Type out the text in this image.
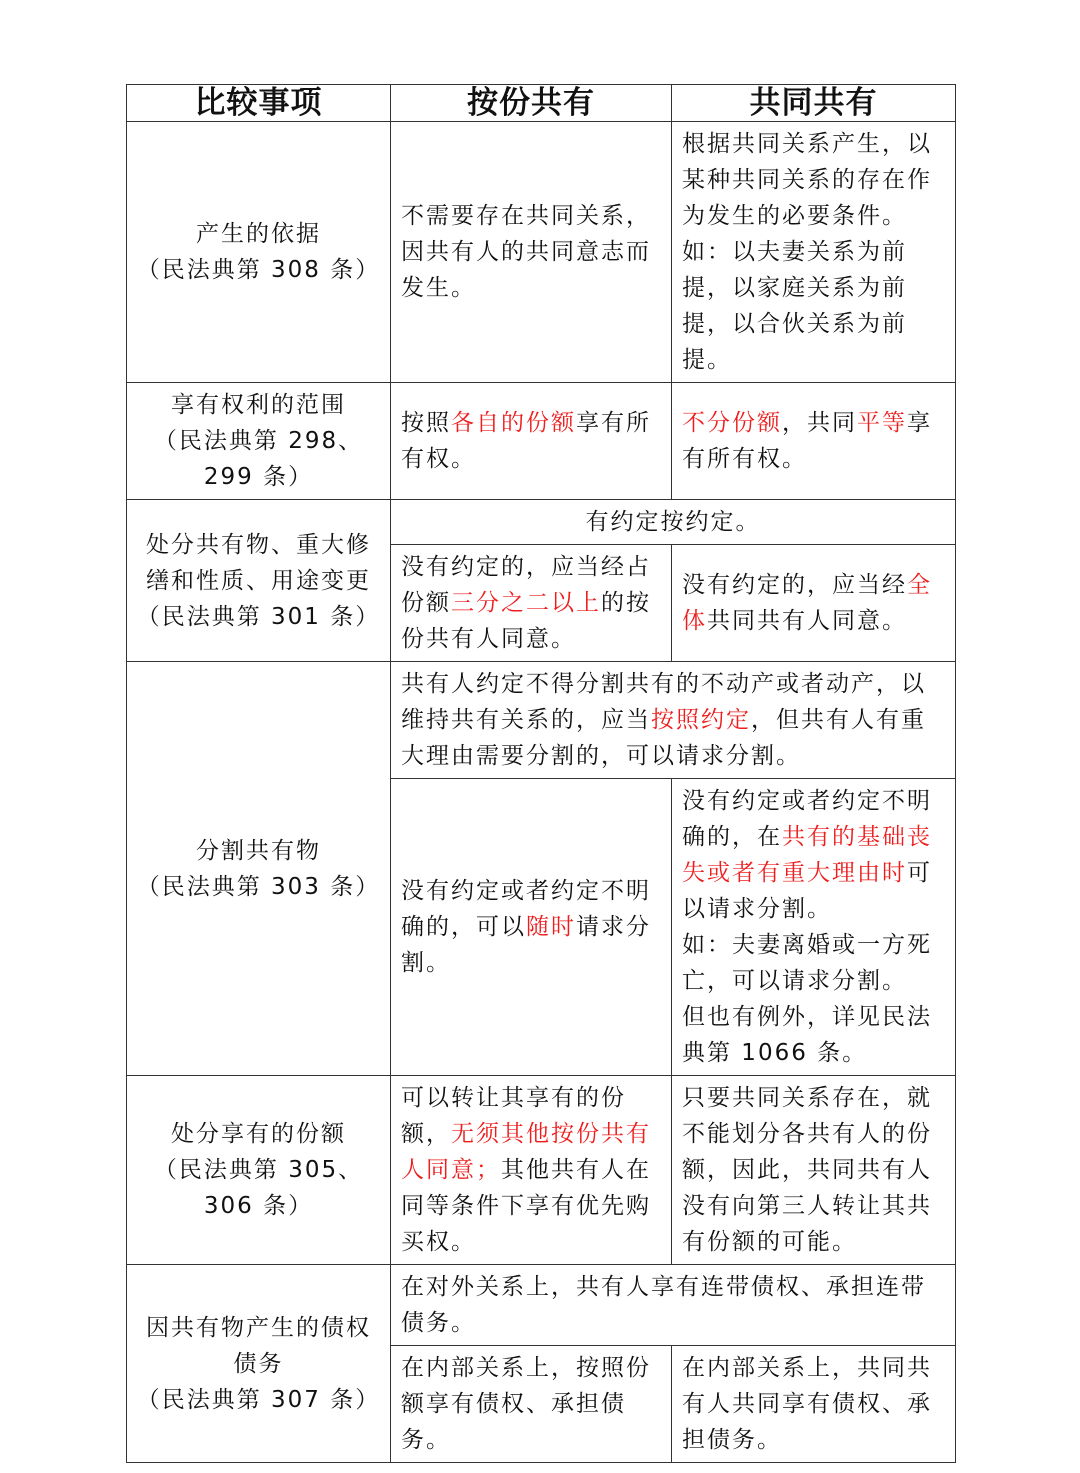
比较事项	按份共有	共同共有

产生的依据
（民法典第 308 条）	不需要存在共同关系，因共有人的共同意志而发生。	根据共同关系产生，以某种共同关系的存在作为发生的必要条件。
如：以夫妻关系为前提，以家庭关系为前提，以合伙关系为前提。

享有权利的范围
（民法典第 298、299 条）	按照各自的份额享有所有权。	不分份额，共同平等享有所有权。

处分共有物、重大修缮和性质、用途变更
（民法典第 301 条）	有约定按约定。	
	没有约定的，应当经占份额三分之二以上的按份共有人同意。	没有约定的，应当经全体共同共有人同意。

分割共有物
（民法典第 303 条）	共有人约定不得分割共有的不动产或者动产，以维持共有关系的，应当按照约定，但共有人有重大理由需要分割的，可以请求分割。	
	没有约定或者约定不明确的，可以随时请求分割。	没有约定或者约定不明确的，在共有的基础丧失或者有重大理由时可以请求分割。
如：夫妻离婚或一方死亡，可以请求分割。
但也有例外，详见民法典第 1066 条。

处分享有的份额
（民法典第 305、306 条）	可以转让其享有的份额，无须其他按份共有人同意；其他共有人在同等条件下享有优先购买权。	只要共同关系存在，就不能划分各共有人的份额，因此，共同共有人没有向第三人转让其共有份额的可能。

因共有物产生的债权债务
（民法典第 307 条）	在对外关系上，共有人享有连带债权、承担连带债务。	
	在内部关系上，按照份额享有债权、承担债务。	在内部关系上，共同共有人共同享有债权、承担债务。
